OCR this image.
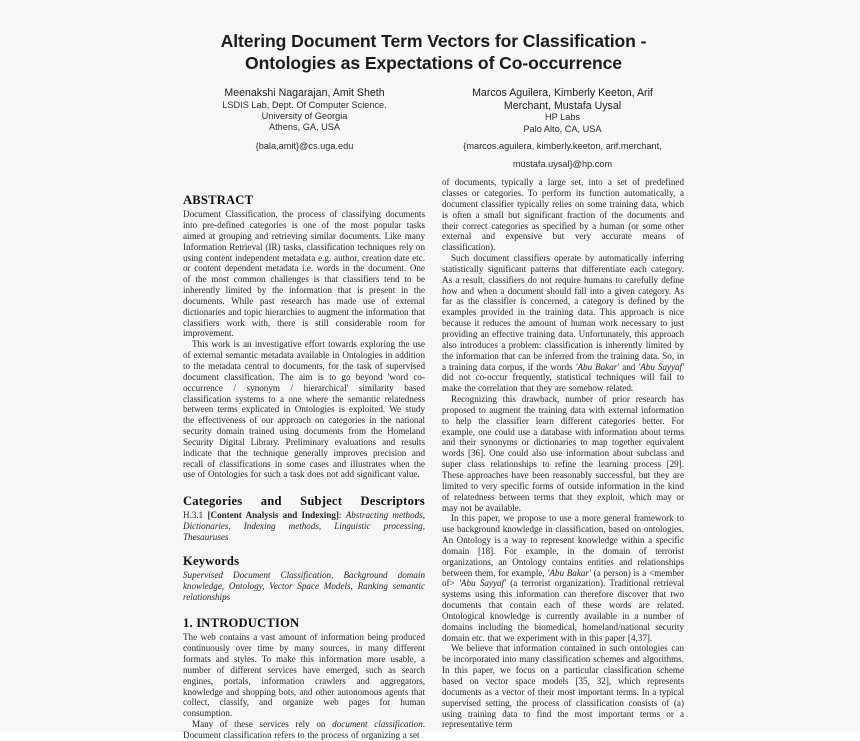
Altering Document Term Vectors for Classification -
Ontologies as Expectations of Co-occurrence
Meenakshi Nagarajan, Amit Sheth
LSDIS Lab, Dept. Of Computer Science.
University of Georgia
Athens, GA, USA
{bala,amit}@cs.uga.edu
Marcos Aguilera, Kimberly Keeton, Arif
Merchant, Mustafa Uysal
HP Labs
Palo Alto, CA, USA
{marcos.aguilera, kimberly.keeton, arif.merchant,
mustafa.uysal}@hp.com
ABSTRACT

Document Classification, the process of classifying documents into pre-defined categories is one of the most popular tasks aimed at grouping and retrieving similar documents. Like many Information Retrieval (IR) tasks, classification techniques rely on using content independent metadata e.g. author, creation date etc. or content dependent metadata i.e. words in the document. One of the most common challenges is that classifiers tend to be inherently limited by the information that is present in the documents. While past research has made use of external dictionaries and topic hierarchies to augment the information that classifiers work with, there is still considerable room for improvement.

This work is an investigative effort towards exploring the use of external semantic metadata available in Ontologies in addition to the metadata central to documents, for the task of supervised document classification. The aim is to go beyond 'word co-occurrence / synonym / hierarchical' similarity based classification systems to a one where the semantic relatedness between terms explicated in Ontologies is exploited. We study the effectiveness of our approach on categories in the national security domain trained using documents from the Homeland Security Digital Library. Preliminary evaluations and results indicate that the technique generally improves precision and recall of classifications in some cases and illustrates when the use of Ontologies for such a task does not add significant value.

Categories and Subject Descriptors

H.3.1 [Content Analysis and Indexing]: Abstracting methods, Dictionaries, Indexing methods, Linguistic processing, Thesauruses

Keywords

Supervised Document Classification, Background domain knowledge, Ontology, Vector Space Models, Ranking semantic relationships

1. INTRODUCTION

The web contains a vast amount of information being produced continuously over time by many sources, in many different formats and styles. To make this information more usable, a number of different services have emerged, such as search engines, portals, information crawlers and aggregators, knowledge and shopping bots, and other autonomous agents that collect, classify, and organize web pages for human consumption.

Many of these services rely on document classification. Document classification refers to the process of organizing a set

of documents, typically a large set, into a set of predefined classes or categories. To perform its function automatically, a document classifier typically relies on some training data, which is often a small but significant fraction of the documents and their correct categories as specified by a human (or some other external and expensive but very accurate means of classification).

Such document classifiers operate by automatically inferring statistically significant patterns that differentiate each category. As a result, classifiers do not require humans to carefully define how and when a document should fall into a given category. As far as the classifier is concerned, a category is defined by the examples provided in the training data. This approach is nice because it reduces the amount of human work necessary to just providing an effective training data. Unfortunately, this approach also introduces a problem: classification is inherently limited by the information that can be inferred from the training data. So, in a training data corpus, if the words 'Abu Bakar' and 'Abu Sayyaf' did not co-occur frequently, statistical techniques will fail to make the correlation that they are somehow related.

Recognizing this drawback, number of prior research has proposed to augment the training data with external information to help the classifier learn different categories better. For example, one could use a database with information about terms and their synonyms or dictionaries to map together equivalent words [36]. One could also use information about subclass and super class relationships to refine the learning process [29]. These approaches have been reasonably successful, but they are limited to very specific forms of outside information in the kind of relatedness between terms that they exploit, which may or may not be available.

In this paper, we propose to use a more general framework to use background knowledge in classification, based on ontologies. An Ontology is a way to represent knowledge within a specific domain [18]. For example, in the domain of terrorist organizations, an Ontology contains entities and relationships between them, for example, 'Abu Bakar' (a person) is a <member of> 'Abu Sayyaf' (a terrorist organization). Traditional retrieval systems using this information can therefore discover that two documents that contain each of these words are related. Ontological knowledge is currently available in a number of domains including the biomedical, homeland/national security domain etc. that we experiment with in this paper [4,37].

We believe that information contained in such ontologies can be incorporated into many classification schemes and algorithms. In this paper, we focus on a particular classification scheme based on vector space models [35, 32], which represents documents as a vector of their most important terms. In a typical supervised setting, the process of classification consists of (a) using training data to find the most important terms or a representative term
